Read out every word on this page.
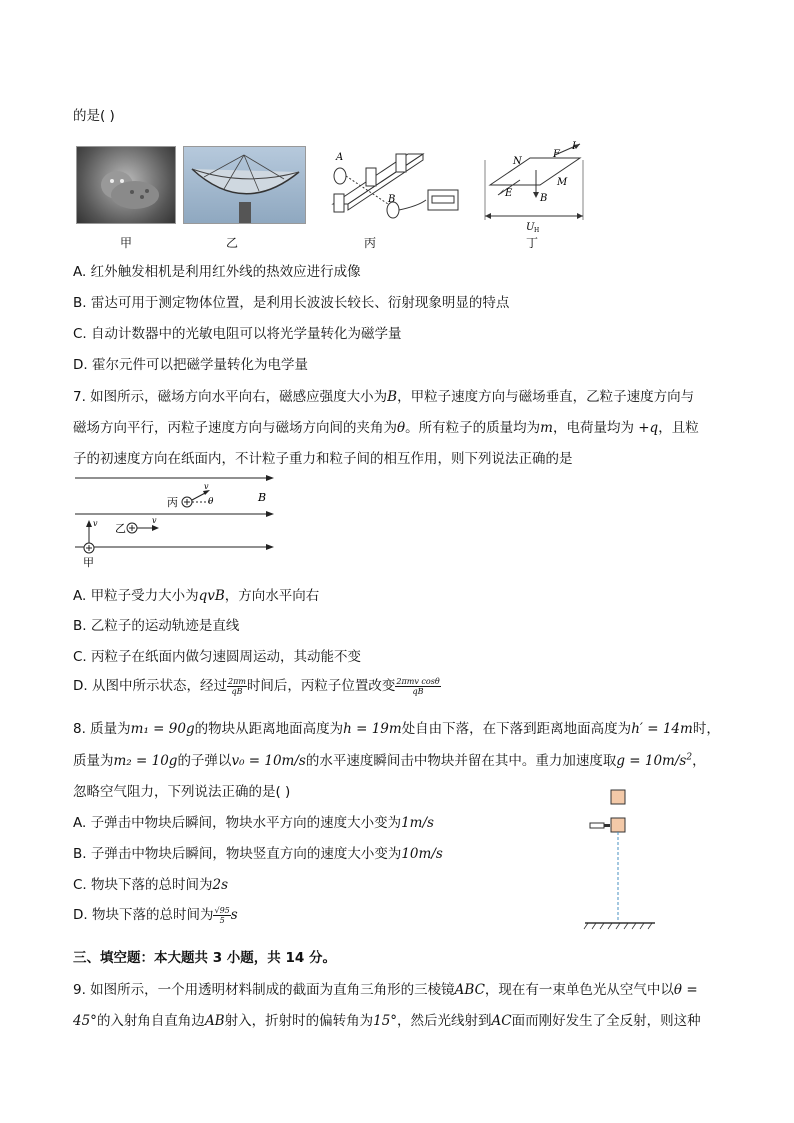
的是( )
A
B
N
F
I
E
M
B
U H
甲	乙	丙	丁
A. 红外触发相机是利用红外线的热效应进行成像
B. 雷达可用于测定物体位置，是利用长波波长较长、衍射现象明显的特点
C. 自动计数器中的光敏电阻可以将光学量转化为磁学量
D. 霍尔元件可以把磁学量转化为电学量
7. 如图所示，磁场方向水平向右，磁感应强度大小为B，甲粒子速度方向与磁场垂直，乙粒子速度方向与
磁场方向平行，丙粒子速度方向与磁场方向间的夹角为θ。所有粒子的质量均为m，电荷量均为 +q，且粒
子的初速度方向在纸面内，不计粒子重力和粒子间的相互作用，则下列说法正确的是
丙
v
θ	B
乙
v
v
甲
A. 甲粒子受力大小为qvB，方向水平向右
B. 乙粒子的运动轨迹是直线
C. 丙粒子在纸面内做匀速圆周运动，其动能不变
D. 从图中所示状态，经过 $\frac{2\pi m}{qB}$ 时间后，丙粒子位置改变 $\frac{\text{2πmv cosθ}}{qB}$
8. 质量为m₁ = 90g的物块从距离地面高度为h = 19m处自由下落，在下落到距离地面高度为h′ = 14m时，
质量为m₂ = 10g的子弹以v₀ = 10m/s的水平速度瞬间击中物块并留在其中。重力加速度取$g = 10m/s^2$，
忽略空气阻力，下列说法正确的是( )
A. 子弹击中物块后瞬间，物块水平方向的速度大小变为1m/s
B. 子弹击中物块后瞬间，物块竖直方向的速度大小变为10m/s
C. 物块下落的总时间为2s
D. 物块下落的总时间为 $\frac{√95}{5}$ s
三、填空题：本大题共 3 小题，共 14 分。
9. 如图所示，一个用透明材料制成的截面为直角三角形的三棱镜ABC，现在有一束单色光从空气中以θ =
45°的入射角自直角边AB射入，折射时的偏转角为15°，然后光线射到AC面而刚好发生了全反射，则这种
